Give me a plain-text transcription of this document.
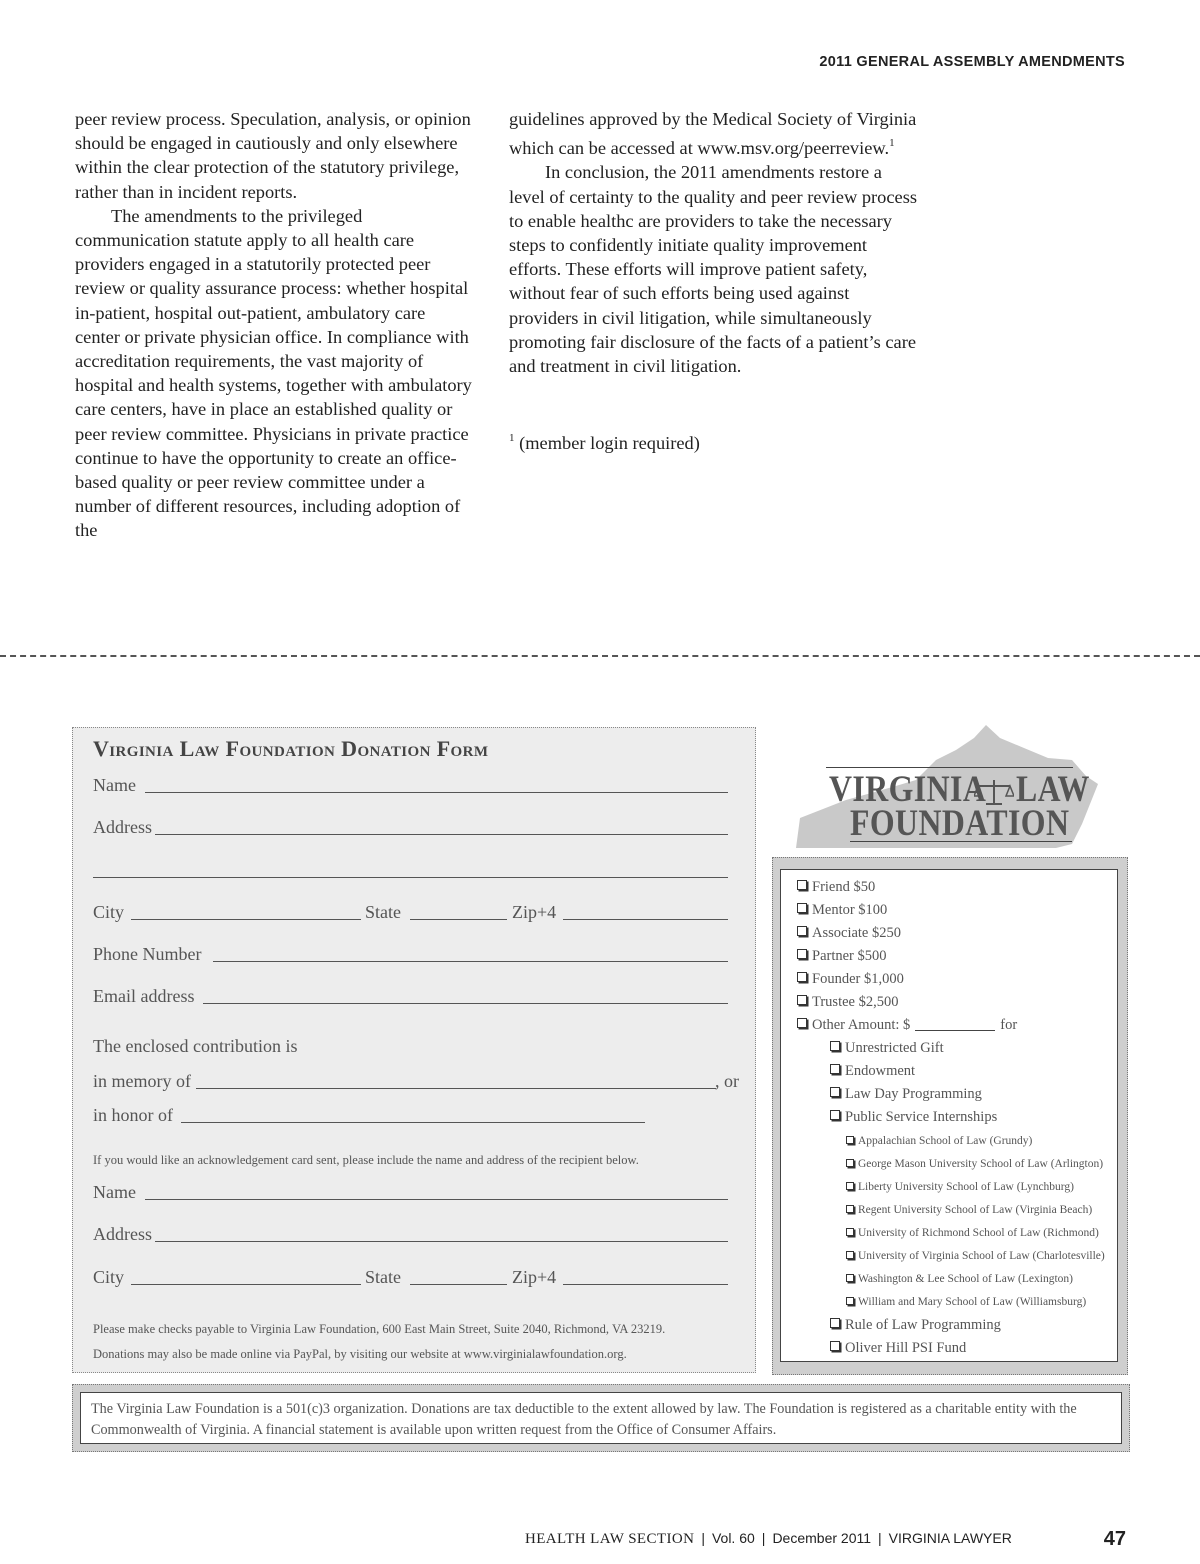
2011 GENERAL ASSEMBLY AMENDMENTS

peer review process. Speculation, analysis, or opinion should be engaged in cautiously and only elsewhere within the clear protection of the statutory privilege, rather than in incident reports.

The amendments to the privileged communication statute apply to all health care providers engaged in a statutorily protected peer review or quality assurance process: whether hospital in-patient, hospital out-patient, ambulatory care center or private physician office. In compliance with accreditation requirements, the vast majority of hospital and health systems, together with ambulatory care centers, have in place an established quality or peer review committee. Physicians in private practice continue to have the opportunity to create an office-based quality or peer review committee under a number of different resources, including adoption of the

guidelines approved by the Medical Society of Virginia which can be accessed at www.msv.org/peerreview.$^1$

In conclusion, the 2011 amendments restore a level of certainty to the quality and peer review process to enable healthc are providers to take the necessary steps to confidently initiate quality improvement efforts. These efforts will improve patient safety, without fear of such efforts being used against providers in civil litigation, while simultaneously promoting fair disclosure of the facts of a patient’s care and treatment in civil litigation.

$^1$ (member login required)

Virginia Law Foundation Donation Form
Name
Address
City	State	Zip+4
Phone Number
Email address
The enclosed contribution is
in memory of	, or
in honor of
If you would like an acknowledgement card sent, please include the name and address of the recipient below.
Name
Address
City	State	Zip+4
Please make checks payable to Virginia Law Foundation, 600 East Main Street, Suite 2040, Richmond, VA 23219.
Donations may also be made online via PayPal, by visiting our website at www.virginialawfoundation.org.
VIRGINIA LAW
FOUNDATION
Friend $50
Mentor $100
Associate $250
Partner $500
Founder $1,000
Trustee $2,500
Other Amount: $	for
Unrestricted Gift
Endowment
Law Day Programming
Public Service Internships
Appalachian School of Law (Grundy)
George Mason University School of Law (Arlington)
Liberty University School of Law (Lynchburg)
Regent University School of Law (Virginia Beach)
University of Richmond School of Law (Richmond)
University of Virginia School of Law (Charlotesville)
Washington & Lee School of Law (Lexington)
William and Mary School of Law (Williamsburg)
Rule of Law Programming
Oliver Hill PSI Fund
The Virginia Law Foundation is a 501(c)3 organization. Donations are tax deductible to the extent allowed by law. The Foundation is registered as a charitable entity with the Commonwealth of Virginia. A financial statement is available upon written request from the Office of Consumer Affairs.
HEALTH LAW SECTION | Vol. 60 | December 2011 | VIRGINIA LAWYER	47
